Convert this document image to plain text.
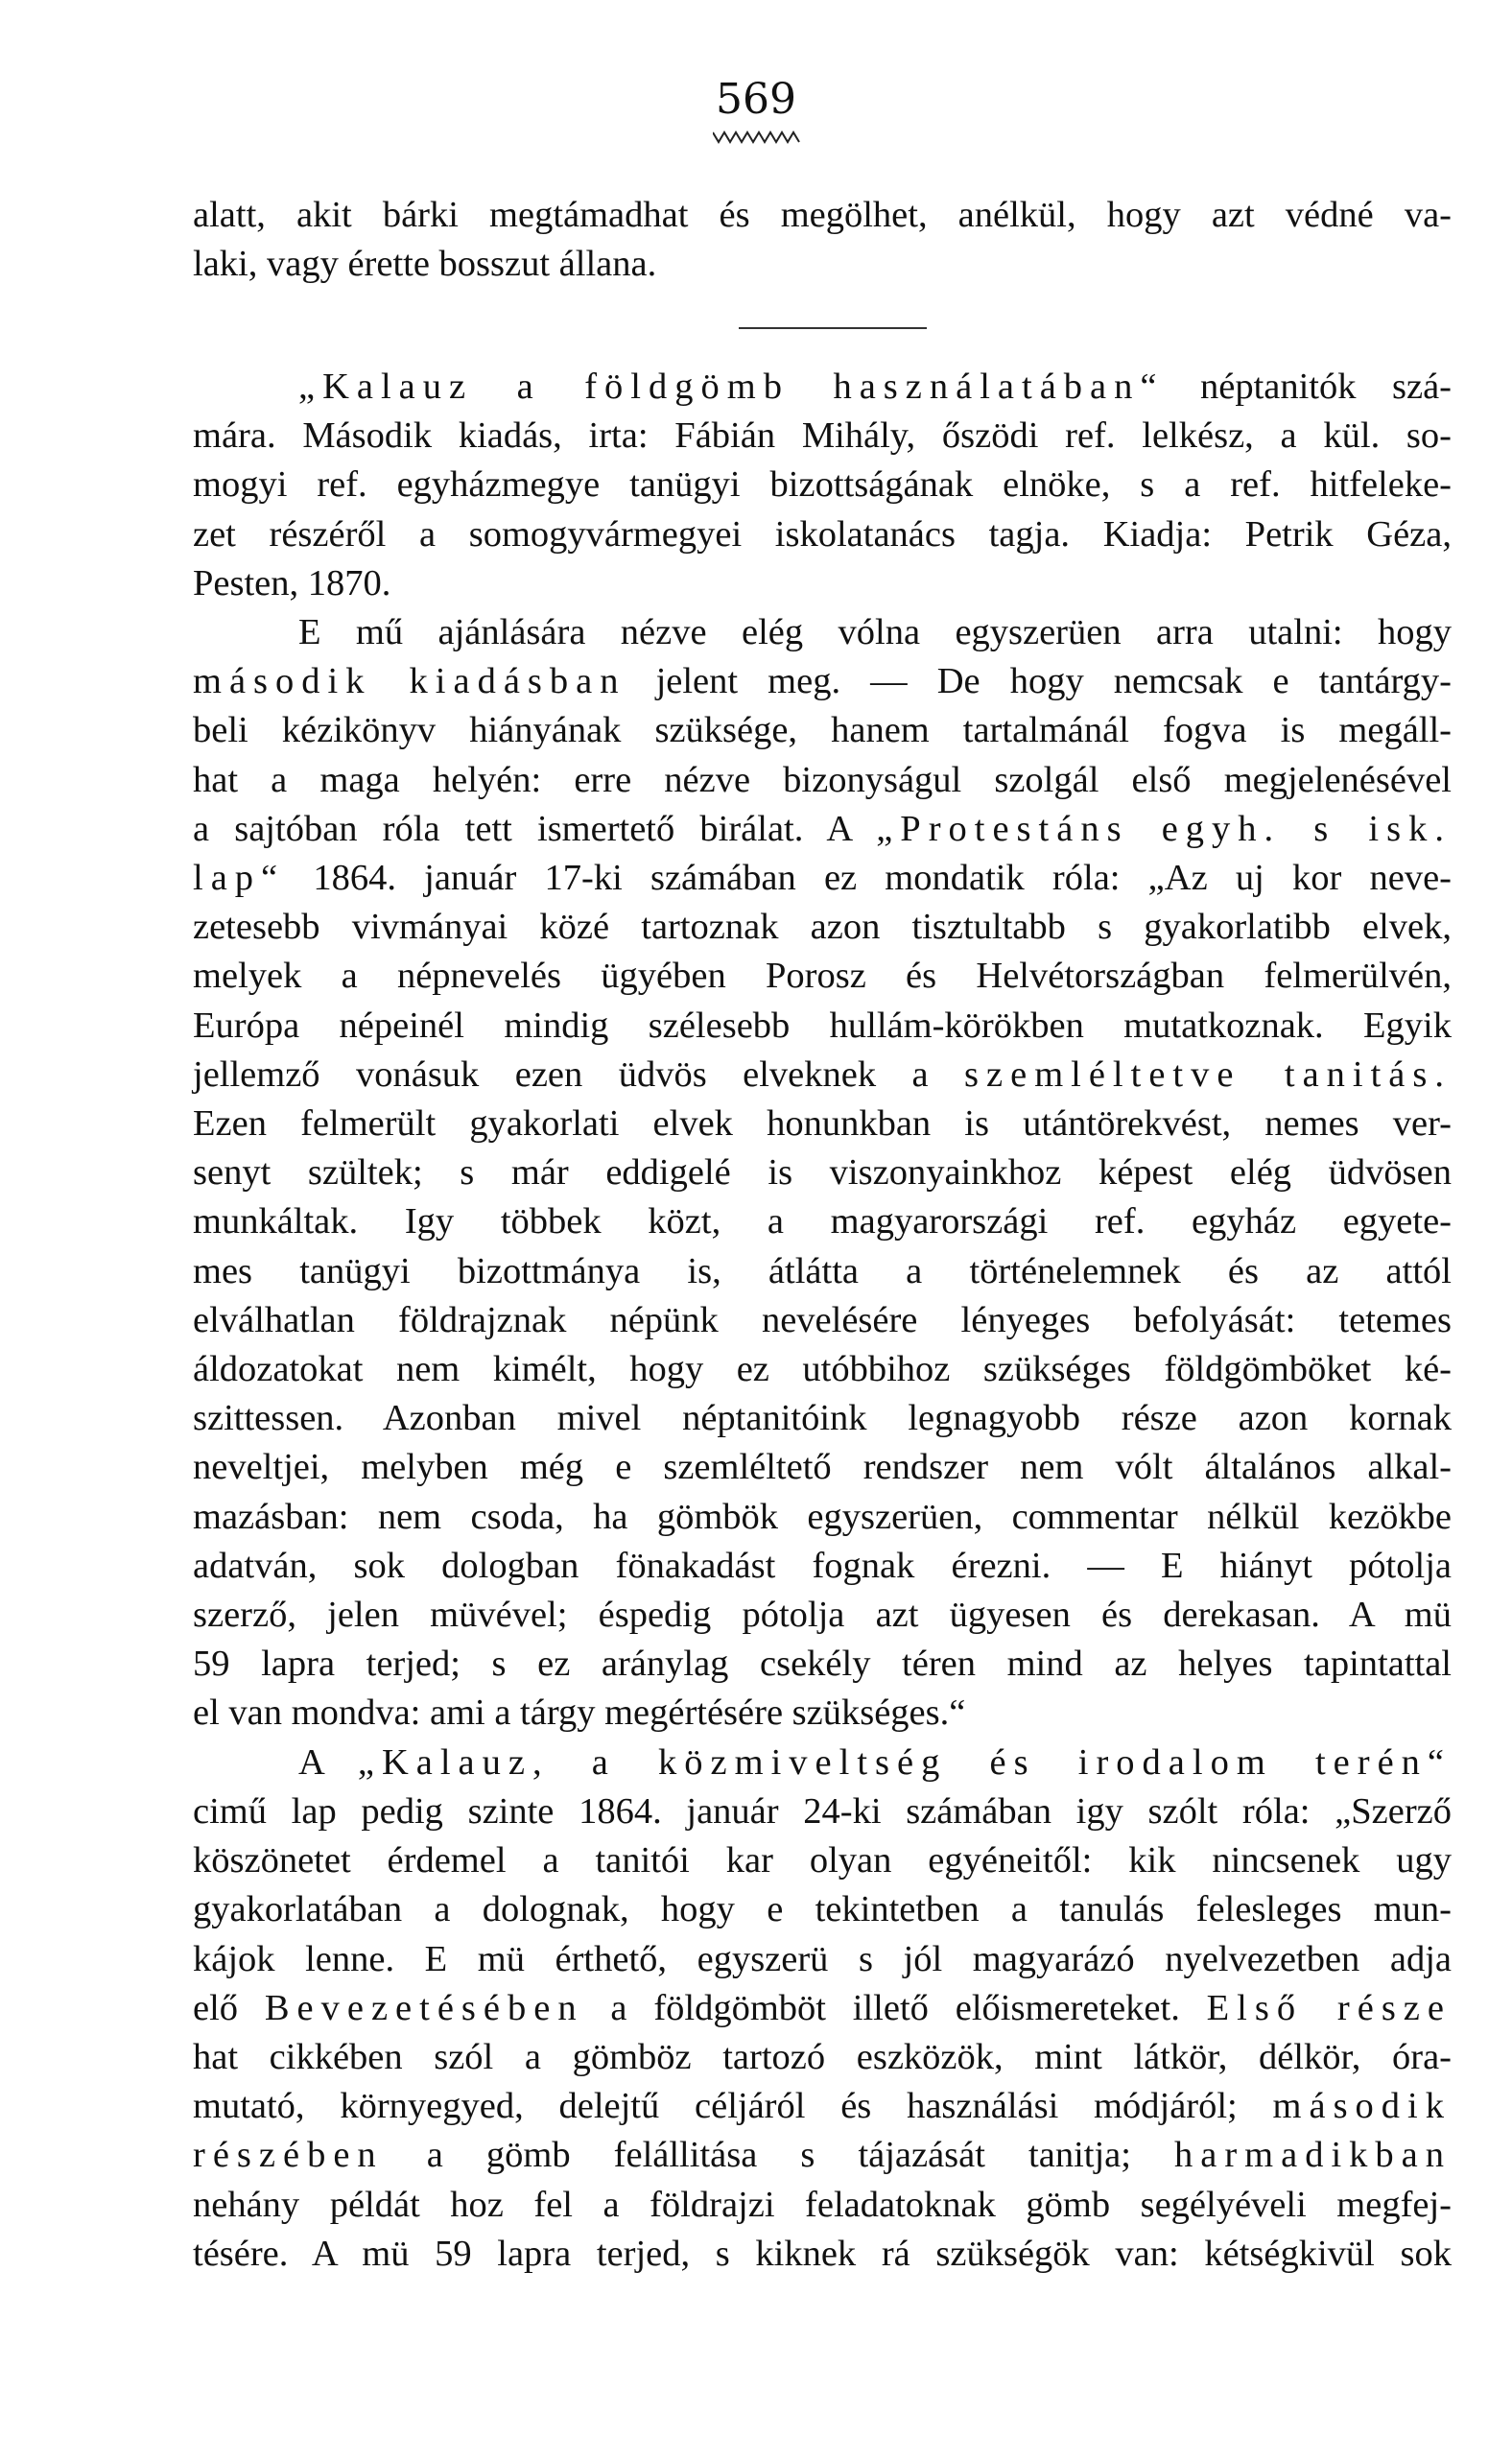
569

alatt, akit bárki megtámadhat és megölhet, anélkül, hogy azt védné va-

laki, vagy érette bosszut állana.

„Kalauz a földgömb használatában“ néptanitók szá-

mára. Második kiadás, irta: Fábián Mihály, őszödi ref. lelkész, a kül. so-

mogyi ref. egyházmegye tanügyi bizottságának elnöke, s a ref. hitfeleke-

zet részéről a somogyvármegyei iskolatanács tagja. Kiadja: Petrik Géza,

Pesten, 1870.

E mű ajánlására nézve elég vólna egyszerüen arra utalni: hogy

második kiadásban jelent meg. — De hogy nemcsak e tantárgy-

beli kézikönyv hiányának szüksége, hanem tartalmánál fogva is megáll-

hat a maga helyén: erre nézve bizonyságul szolgál első megjelenésével

a sajtóban róla tett ismertető birálat. A „Protestáns egyh. s isk.

lap“ 1864. január 17-ki számában ez mondatik róla: „Az uj kor neve-

zetesebb vivmányai közé tartoznak azon tisztultabb s gyakorlatibb elvek,

melyek a népnevelés ügyében Porosz és Helvétországban felmerülvén,

Európa népeinél mindig szélesebb hullám-körökben mutatkoznak. Egyik

jellemző vonásuk ezen üdvös elveknek a szemléltetve tanitás.

Ezen felmerült gyakorlati elvek honunkban is utántörekvést, nemes ver-

senyt szültek; s már eddigelé is viszonyainkhoz képest elég üdvösen

munkáltak. Igy többek közt, a magyarországi ref. egyház egyete-

mes tanügyi bizottmánya is, átlátta a történelemnek és az attól

elválhatlan földrajznak népünk nevelésére lényeges befolyását: tetemes

áldozatokat nem kimélt, hogy ez utóbbihoz szükséges földgömböket ké-

szittessen. Azonban mivel néptanitóink legnagyobb része azon kornak

neveltjei, melyben még e szemléltető rendszer nem vólt általános alkal-

mazásban: nem csoda, ha gömbök egyszerüen, commentar nélkül kezökbe

adatván, sok dologban fönakadást fognak érezni. — E hiányt pótolja

szerző, jelen müvével; éspedig pótolja azt ügyesen és derekasan. A mü

59 lapra terjed; s ez aránylag csekély téren mind az helyes tapintattal

el van mondva: ami a tárgy megértésére szükséges.“

A „Kalauz, a közmiveltség és irodalom terén“

cimű lap pedig szinte 1864. január 24-ki számában igy szólt róla: „Szerző

köszönetet érdemel a tanitói kar olyan egyéneitől: kik nincsenek ugy

gyakorlatában a dolognak, hogy e tekintetben a tanulás felesleges mun-

kájok lenne. E mü érthető, egyszerü s jól magyarázó nyelvezetben adja

elő Bevezetésében a földgömböt illető előismereteket. Első része

hat cikkében szól a gömböz tartozó eszközök, mint látkör, délkör, óra-

mutató, környegyed, delejtű céljáról és használási módjáról; második

részében a gömb felállitása s tájazását tanitja; harmadikban

nehány példát hoz fel a földrajzi feladatoknak gömb segélyéveli megfej-

tésére. A mü 59 lapra terjed, s kiknek rá szükségök van: kétségkivül sok
